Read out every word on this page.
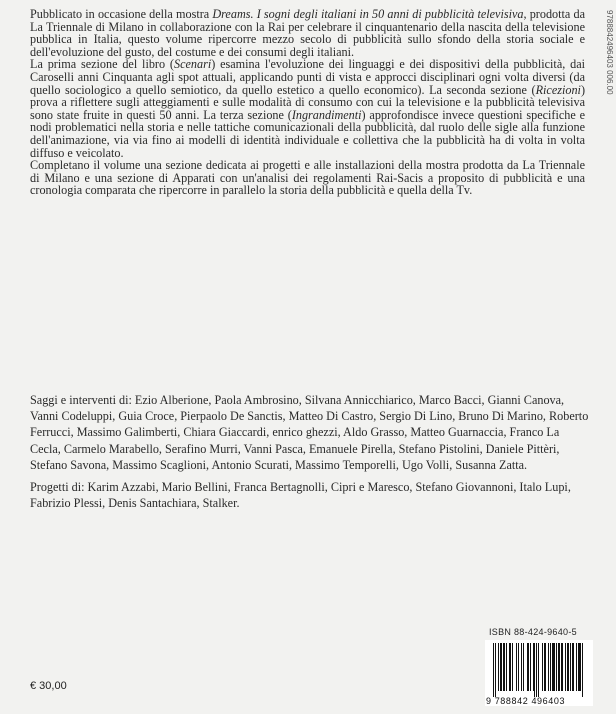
Pubblicato in occasione della mostra Dreams. I sogni degli italiani in 50 anni di pubblicità televisiva, prodotta da La Triennale di Milano in collaborazione con la Rai per celebrare il cinquantenario della nascita della televisione pubblica in Italia, questo volume ripercorre mezzo secolo di pubblicità sullo sfondo della storia sociale e dell'evoluzione del gusto, del costume e dei consumi degli italiani.

La prima sezione del libro (Scenari) esamina l'evoluzione dei linguaggi e dei dispositivi della pubblicità, dai Caroselli anni Cinquanta agli spot attuali, applicando punti di vista e approcci disciplinari ogni volta diversi (da quello sociologico a quello semiotico, da quello estetico a quello economico). La seconda sezione (Ricezioni) prova a riflettere sugli atteggiamenti e sulle modalità di consumo con cui la televisione e la pubblicità televisiva sono state fruite in questi 50 anni. La terza sezione (Ingrandimenti) approfondisce invece questioni specifiche e nodi problematici nella storia e nelle tattiche comunicazionali della pubblicità, dal ruolo delle sigle alla funzione dell'animazione, via via fino ai modelli di identità individuale e collettiva che la pubblicità ha di volta in volta diffuso e veicolato.

Completano il volume una sezione dedicata ai progetti e alle installazioni della mostra prodotta da La Triennale di Milano e una sezione di Apparati con un'analisi dei regolamenti Rai-Sacis a proposito di pubblicità e una cronologia comparata che ripercorre in parallelo la storia della pubblicità e quella della Tv.

Saggi e interventi di: Ezio Alberione, Paola Ambrosino, Silvana Annicchiarico, Marco Bacci, Gianni Canova, Vanni Codeluppi, Guia Croce, Pierpaolo De Sanctis, Matteo Di Castro, Sergio Di Lino, Bruno Di Marino, Roberto Ferrucci, Massimo Galimberti, Chiara Giaccardi, enrico ghezzi, Aldo Grasso, Matteo Guarnaccia, Franco La Cecla, Carmelo Marabello, Serafino Murri, Vanni Pasca, Emanuele Pirella, Stefano Pistolini, Daniele Pittèri, Stefano Savona, Massimo Scaglioni, Antonio Scurati, Massimo Temporelli, Ugo Volli, Susanna Zatta.

Progetti di: Karim Azzabi, Mario Bellini, Franca Bertagnolli, Cipri e Maresco, Stefano Giovannoni, Italo Lupi, Fabrizio Plessi, Denis Santachiara, Stalker.

9788842496403 006.00
€ 30,00
ISBN 88-424-9640-5
9 788842 496403
